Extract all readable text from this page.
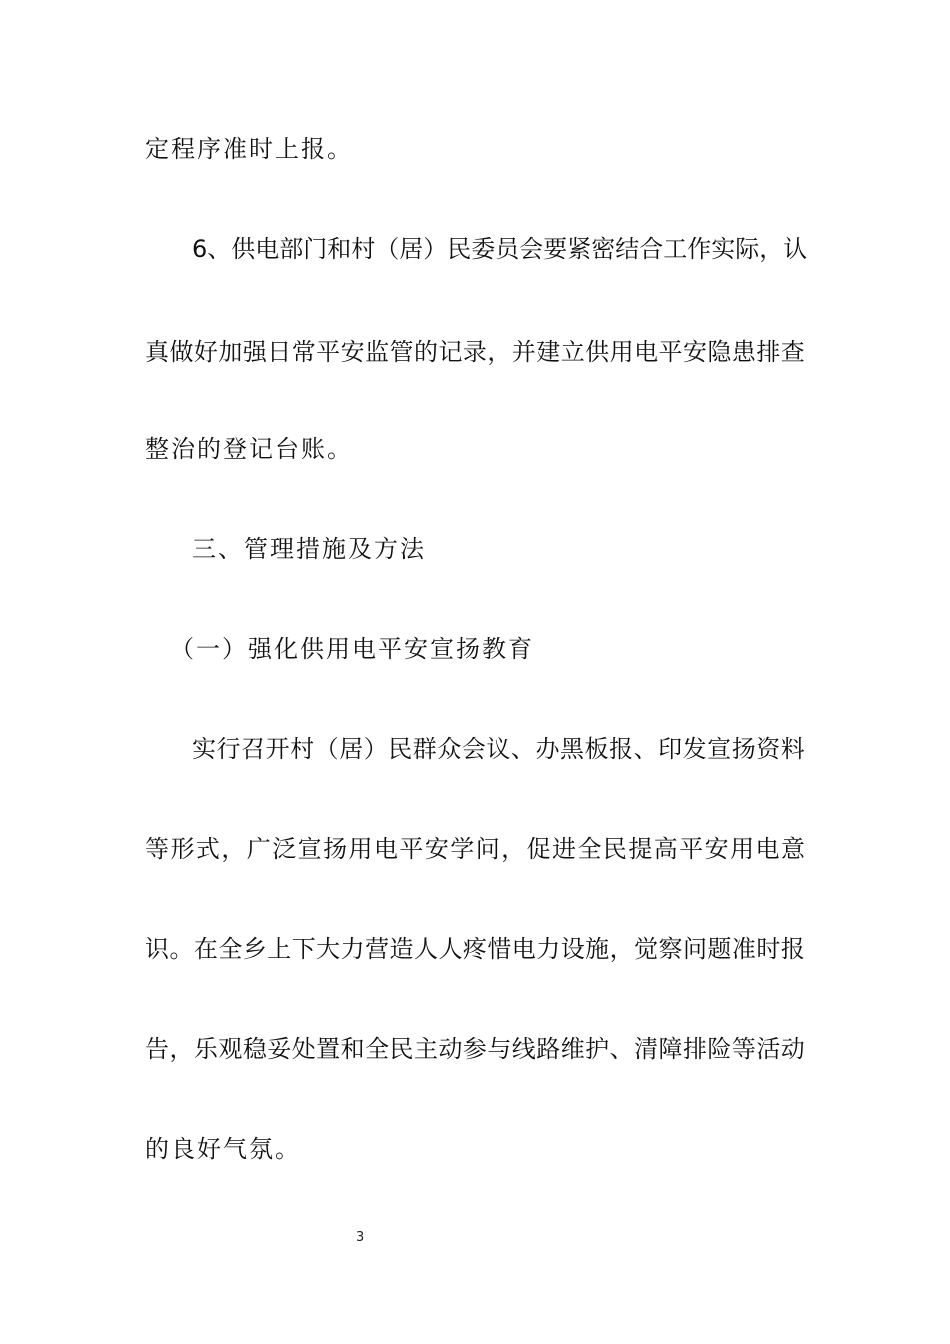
定程序准时上报。
6 、 供 电 部 门 和 村 （ 居 ） 民 委 员 会 要 紧 密 结 合 工 作 实 际 ， 认
真 做 好 加 强 日 常 平 安 监 管 的 记 录 ， 并 建 立 供 用 电 平 安 隐 患 排 查
整治的登记台账。
三、管理措施及方法
（一）强化供用电平安宣扬教育
实 行 召 开 村 （ 居 ） 民 群 众 会 议 、 办 黑 板 报 、 印 发 宣 扬 资 料
等 形 式 ， 广 泛 宣 扬 用 电 平 安 学 问 ， 促 进 全 民 提 高 平 安 用 电 意
识 。 在 全 乡 上 下 大 力 营 造 人 人 疼 惜 电 力 设 施 ， 觉 察 问 题 准 时 报
告 ， 乐 观 稳 妥 处 置 和 全 民 主 动 参 与 线 路 维 护 、 清 障 排 险 等 活 动
的良好气氛。
3
